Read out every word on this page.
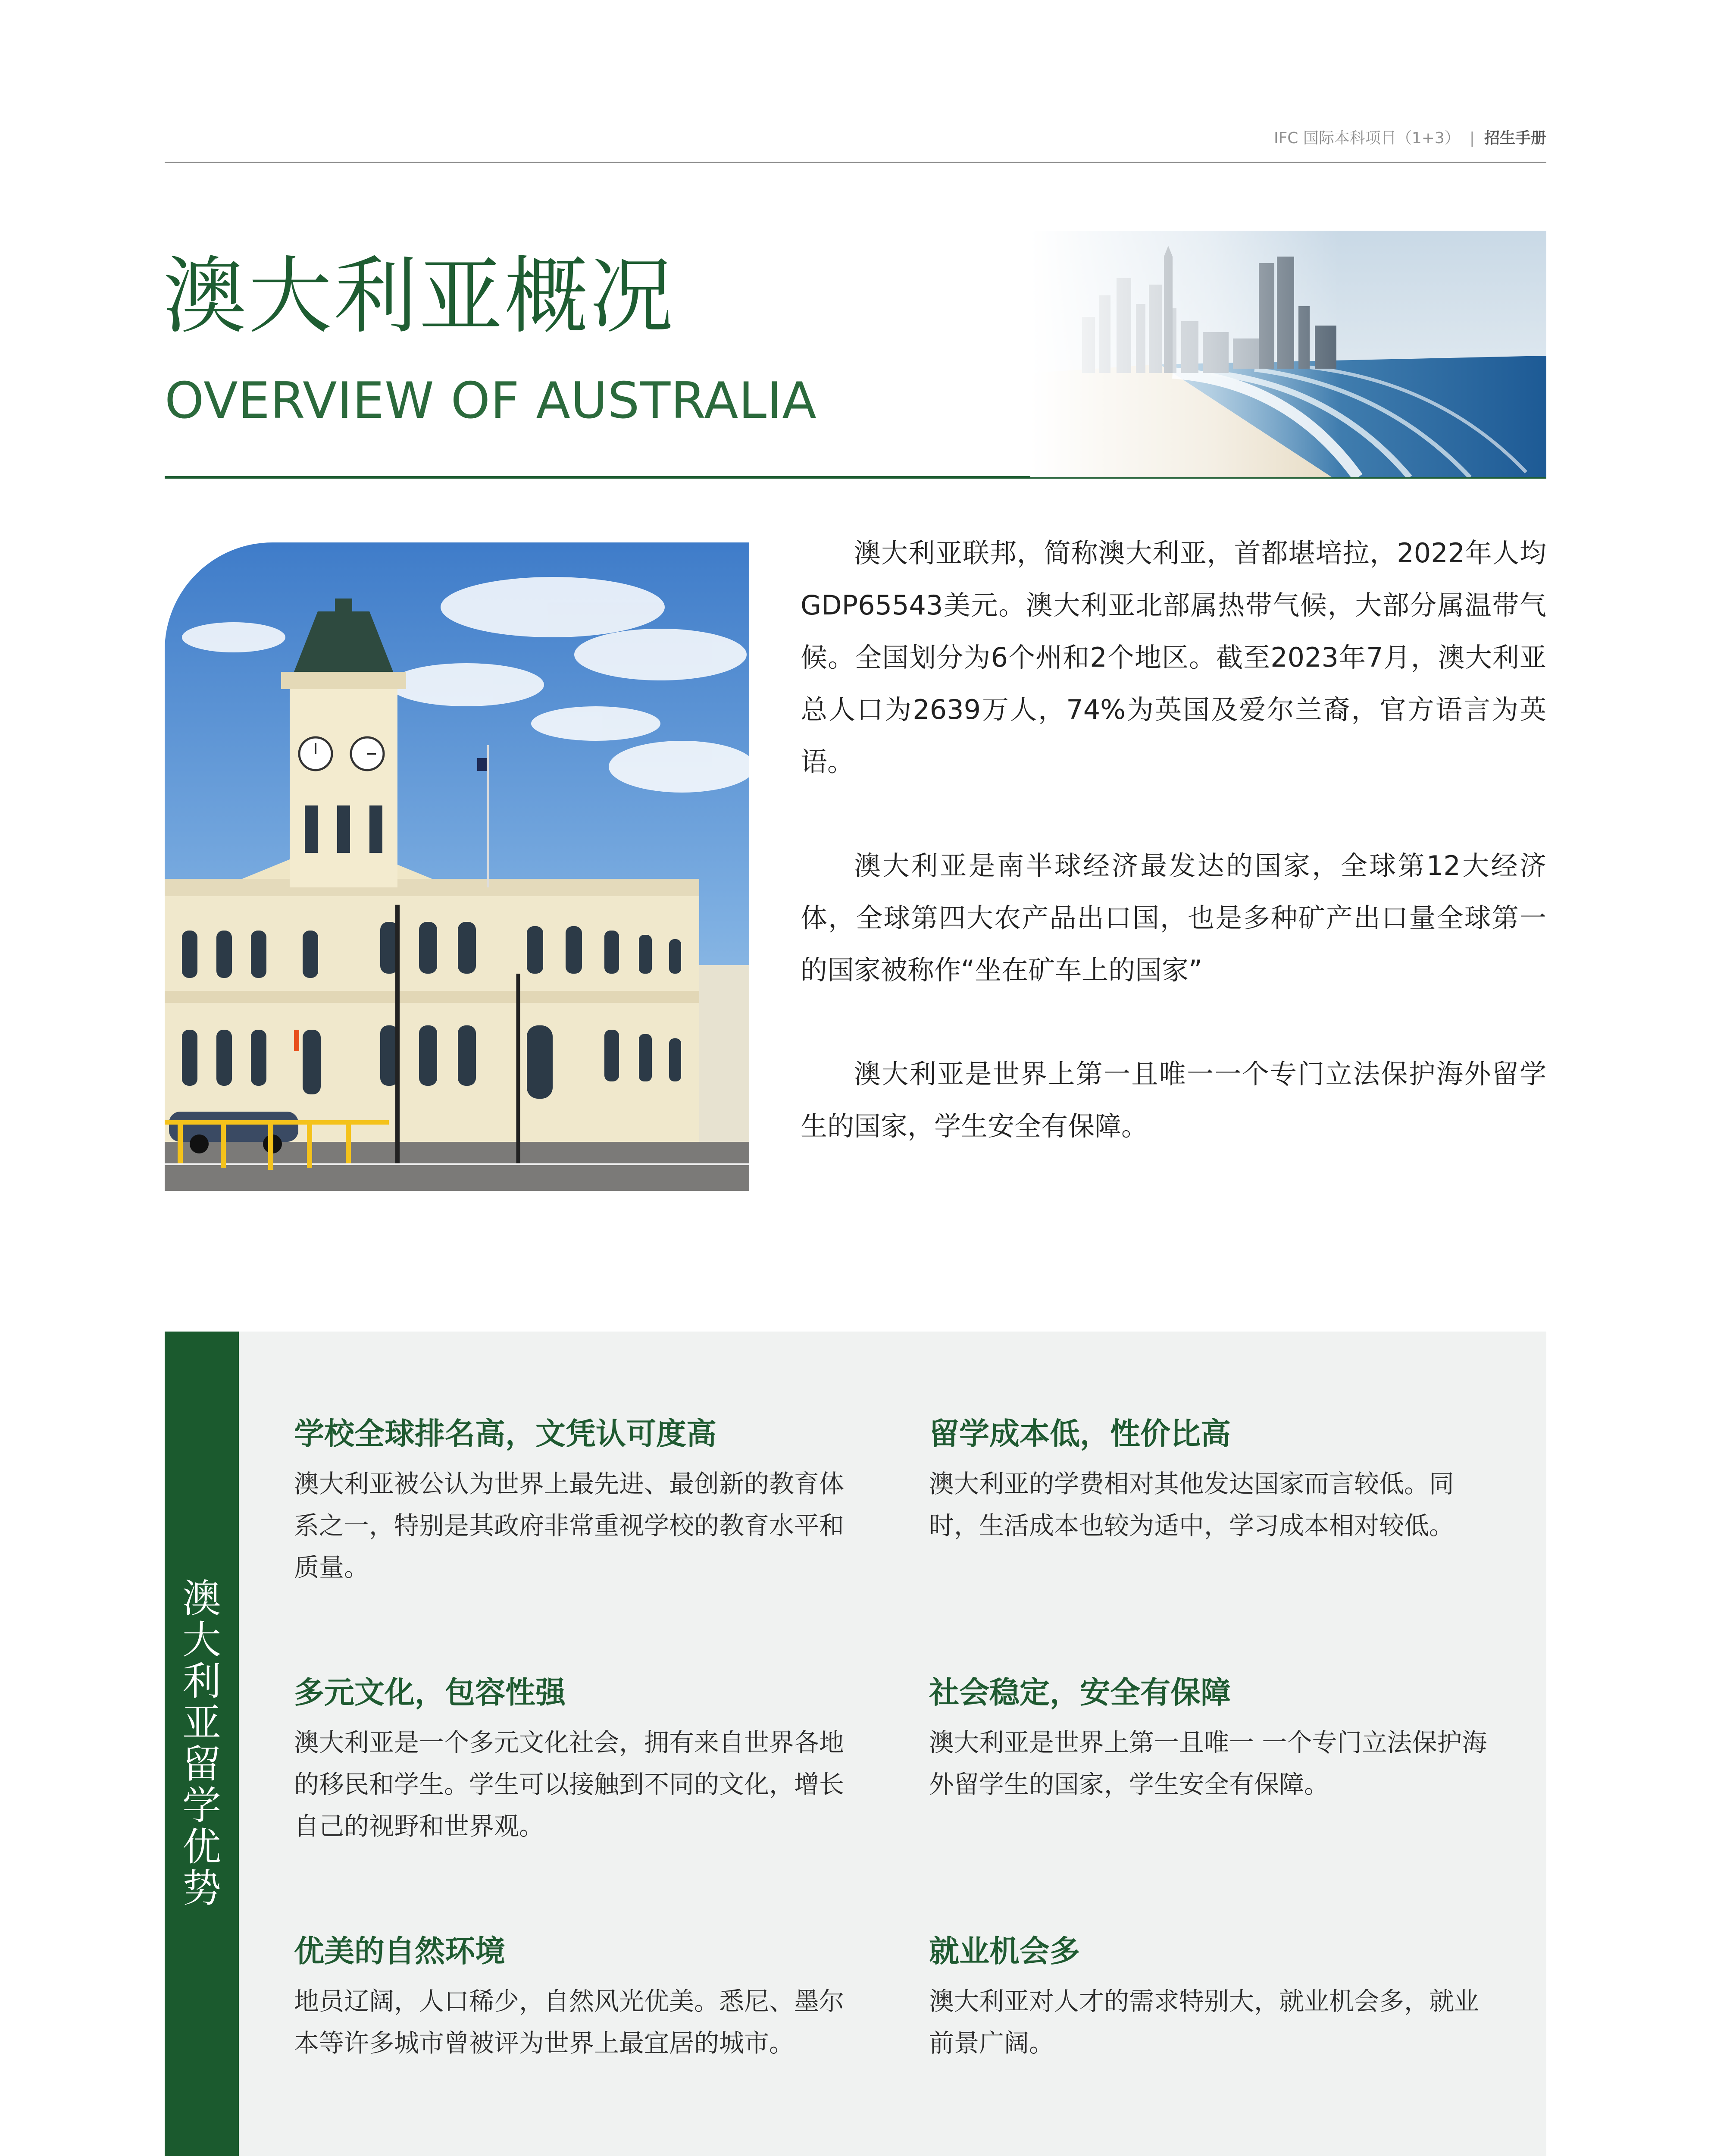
IFC 国际本科项目（1+3） | 招生手册
澳大利亚概况
OVERVIEW OF AUSTRALIA

澳大利亚联邦，简称澳大利亚，首都堪培拉，2022年人均GDP65543美元。澳大利亚北部属热带气候，大部分属温带气候。全国划分为6个州和2个地区。截至2023年7月，澳大利亚总人口为2639万人，74%为英国及爱尔兰裔，官方语言为英语。

澳大利亚是南半球经济最发达的国家，全球第12大经济体，全球第四大农产品出口国，也是多种矿产出口量全球第一的国家被称作“坐在矿车上的国家”

澳大利亚是世界上第一且唯一一个专门立法保护海外留学生的国家，学生安全有保障。

澳
大
利
亚
留
学
优
势

学校全球排名高，文凭认可度高

澳大利亚被公认为世界上最先进、最创新的教育体系之一，特别是其政府非常重视学校的教育水平和质量。

留学成本低，性价比高

澳大利亚的学费相对其他发达国家而言较低。同时，生活成本也较为适中，学习成本相对较低。

多元文化，包容性强

澳大利亚是一个多元文化社会，拥有来自世界各地的移民和学生。学生可以接触到不同的文化，增长自己的视野和世界观。

社会稳定，安全有保障

澳大利亚是世界上第一且唯一 一个专门立法保护海外留学生的国家，学生安全有保障。

优美的自然环境

地员辽阔，人口稀少，自然风光优美。悉尼、墨尔本等许多城市曾被评为世界上最宜居的城市。

就业机会多

澳大利亚对人才的需求特别大，就业机会多，就业前景广阔。
